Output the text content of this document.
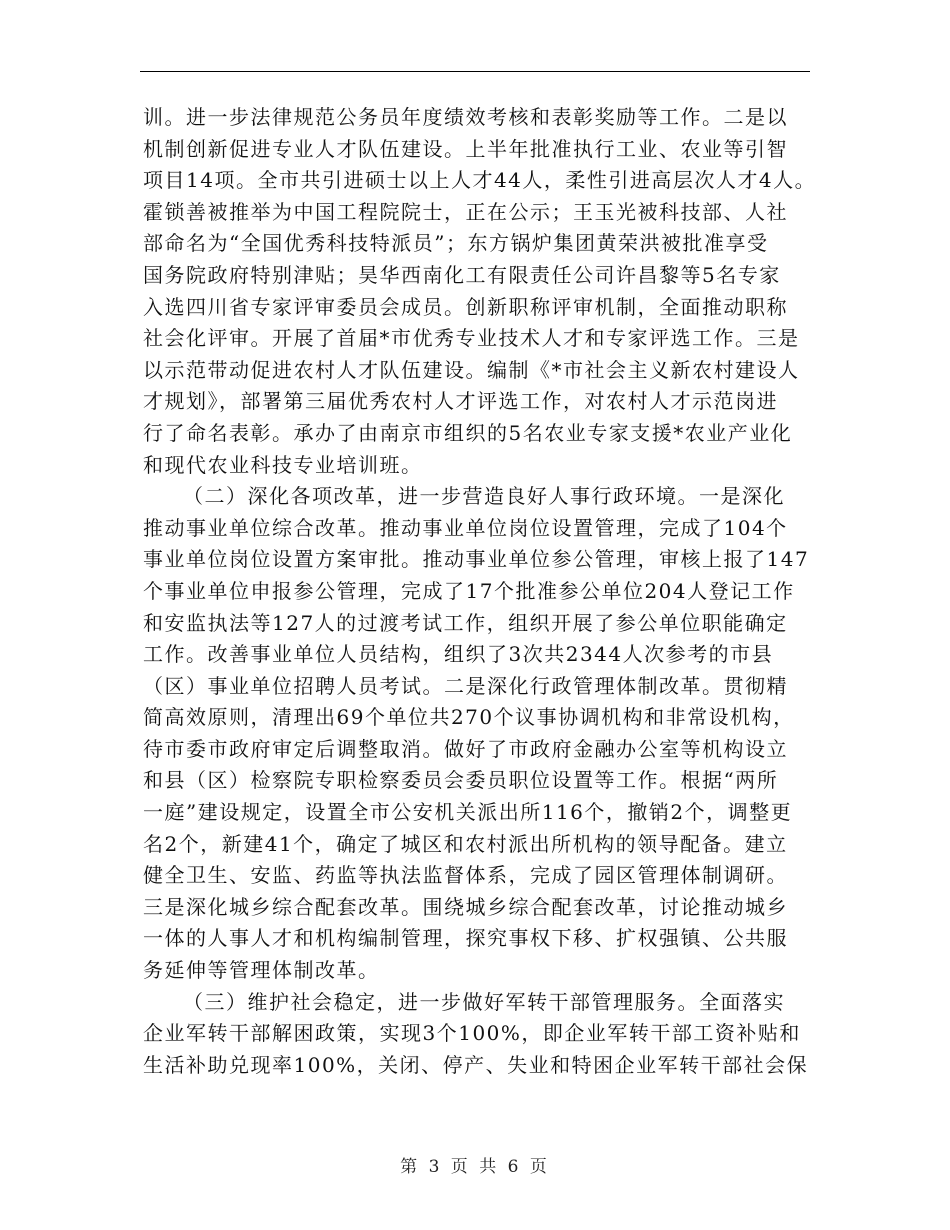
训。进一步法律规范公务员年度绩效考核和表彰奖励等工作。二是以
机制创新促进专业人才队伍建设。上半年批准执行工业、农业等引智
项目14项。全市共引进硕士以上人才44人，柔性引进高层次人才4人。
霍锁善被推举为中国工程院院士，正在公示；王玉光被科技部、人社
部命名为“全国优秀科技特派员”；东方锅炉集团黄荣洪被批准享受
国务院政府特别津贴；昊华西南化工有限责任公司许昌黎等5名专家
入选四川省专家评审委员会成员。创新职称评审机制，全面推动职称
社会化评审。开展了首届*市优秀专业技术人才和专家评选工作。三是
以示范带动促进农村人才队伍建设。编制《*市社会主义新农村建设人
才规划》，部署第三届优秀农村人才评选工作，对农村人才示范岗进
行了命名表彰。承办了由南京市组织的5名农业专家支援*农业产业化
和现代农业科技专业培训班。
（二）深化各项改革，进一步营造良好人事行政环境。一是深化
推动事业单位综合改革。推动事业单位岗位设置管理，完成了104个
事业单位岗位设置方案审批。推动事业单位参公管理，审核上报了147
个事业单位申报参公管理，完成了17个批准参公单位204人登记工作
和安监执法等127人的过渡考试工作，组织开展了参公单位职能确定
工作。改善事业单位人员结构，组织了3次共2344人次参考的市县
（区）事业单位招聘人员考试。二是深化行政管理体制改革。贯彻精
简高效原则，清理出69个单位共270个议事协调机构和非常设机构，
待市委市政府审定后调整取消。做好了市政府金融办公室等机构设立
和县（区）检察院专职检察委员会委员职位设置等工作。根据“两所
一庭”建设规定，设置全市公安机关派出所116个，撤销2个，调整更
名2个，新建41个，确定了城区和农村派出所机构的领导配备。建立
健全卫生、安监、药监等执法监督体系，完成了园区管理体制调研。
三是深化城乡综合配套改革。围绕城乡综合配套改革，讨论推动城乡
一体的人事人才和机构编制管理，探究事权下移、扩权强镇、公共服
务延伸等管理体制改革。
（三）维护社会稳定，进一步做好军转干部管理服务。全面落实
企业军转干部解困政策，实现3个100%，即企业军转干部工资补贴和
生活补助兑现率100%，关闭、停产、失业和特困企业军转干部社会保
第 3 页 共 6 页
